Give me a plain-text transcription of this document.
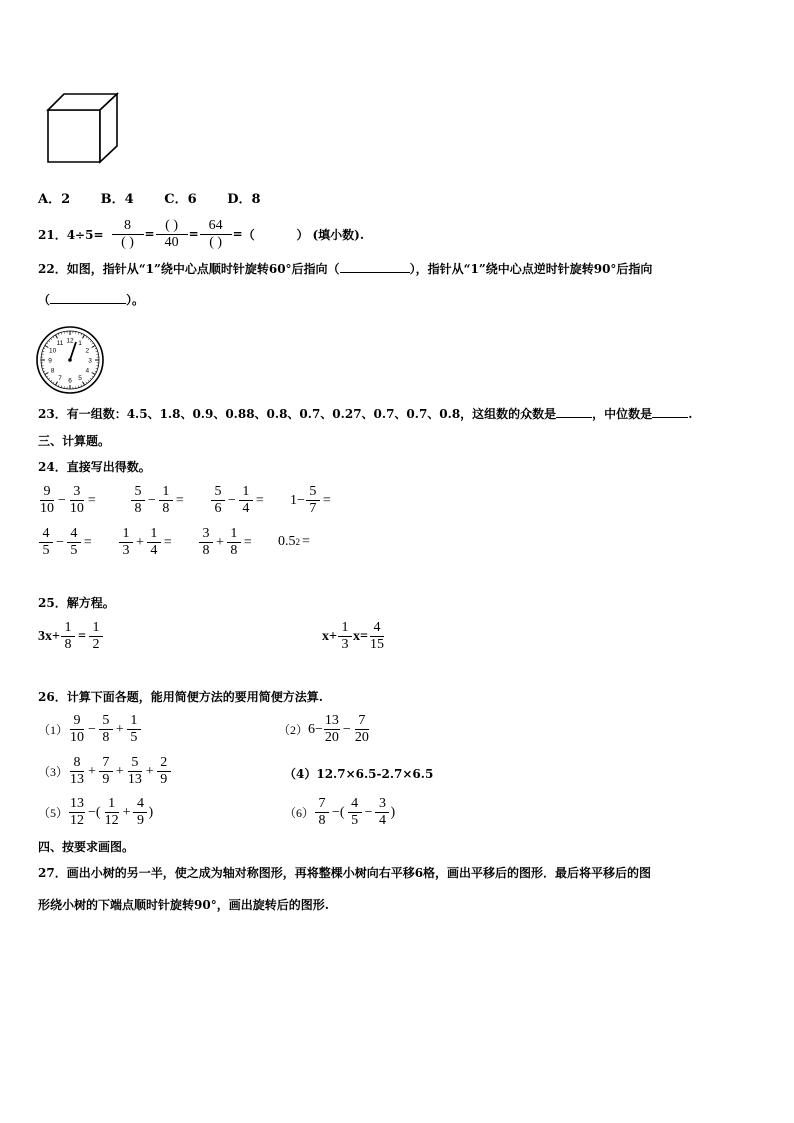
A．2 B．4 C．6 D．8
21．$4\div 5= \frac{8}{( )} = \frac{( )}{40} = \frac{64}{( )}$ = （          ） (填小数).
22．如图，指针从“1”绕中心点顺时针旋转60°后指向（	），指针从“1”绕中心点逆时针旋转90°后指向
（	）。
12 1
2
3
4
5
6
7
8
9
10
11
23．有一组数：4.5、1.8、0.9、0.88、0.8、0.7、0.27、0.7、0.7、0.8，这组数的众数是	，中位数是	.
三、计算题。
24．直接写出得数。
$\frac{9}{10} - \frac{3}{10}$ =	$\frac{5}{8} - \frac{1}{8} = \frac{5}{6} - \frac{1}{4} = 1- \frac{5}{7}$ =
$\frac{4}{5} - \frac{4}{5} = \frac{1}{3} + \frac{1}{4} = \frac{3}{8} + \frac{1}{8} = 0.5$ 2 =
25．解方程。
$3x+ \frac{1}{8} = \frac{1}{2}$	$x+ \frac{1}{3} x= \frac{4}{15}$
26．计算下面各题，能用简便方法的要用简便方法算.
$(1) \frac{9}{10} - \frac{5}{8} + \frac{1}{5}$	（2） $6- \frac{13}{20} - \frac{7}{20}$
$(3) \frac{8}{13} + \frac{7}{9} + \frac{5}{13} + \frac{2}{9}$	（4）12.7×6.5-2.7×6.5
$(5) \frac{13}{12}$ −( $\frac{1}{12} + \frac{4}{9}$ )	$(6) \frac{7}{8}$ −( $\frac{4}{5} - \frac{3}{4}$ )
四、按要求画图。
27．画出小树的另一半，使之成为轴对称图形，再将整棵小树向右平移6格，画出平移后的图形．最后将平移后的图
形绕小树的下端点顺时针旋转90°，画出旋转后的图形.
